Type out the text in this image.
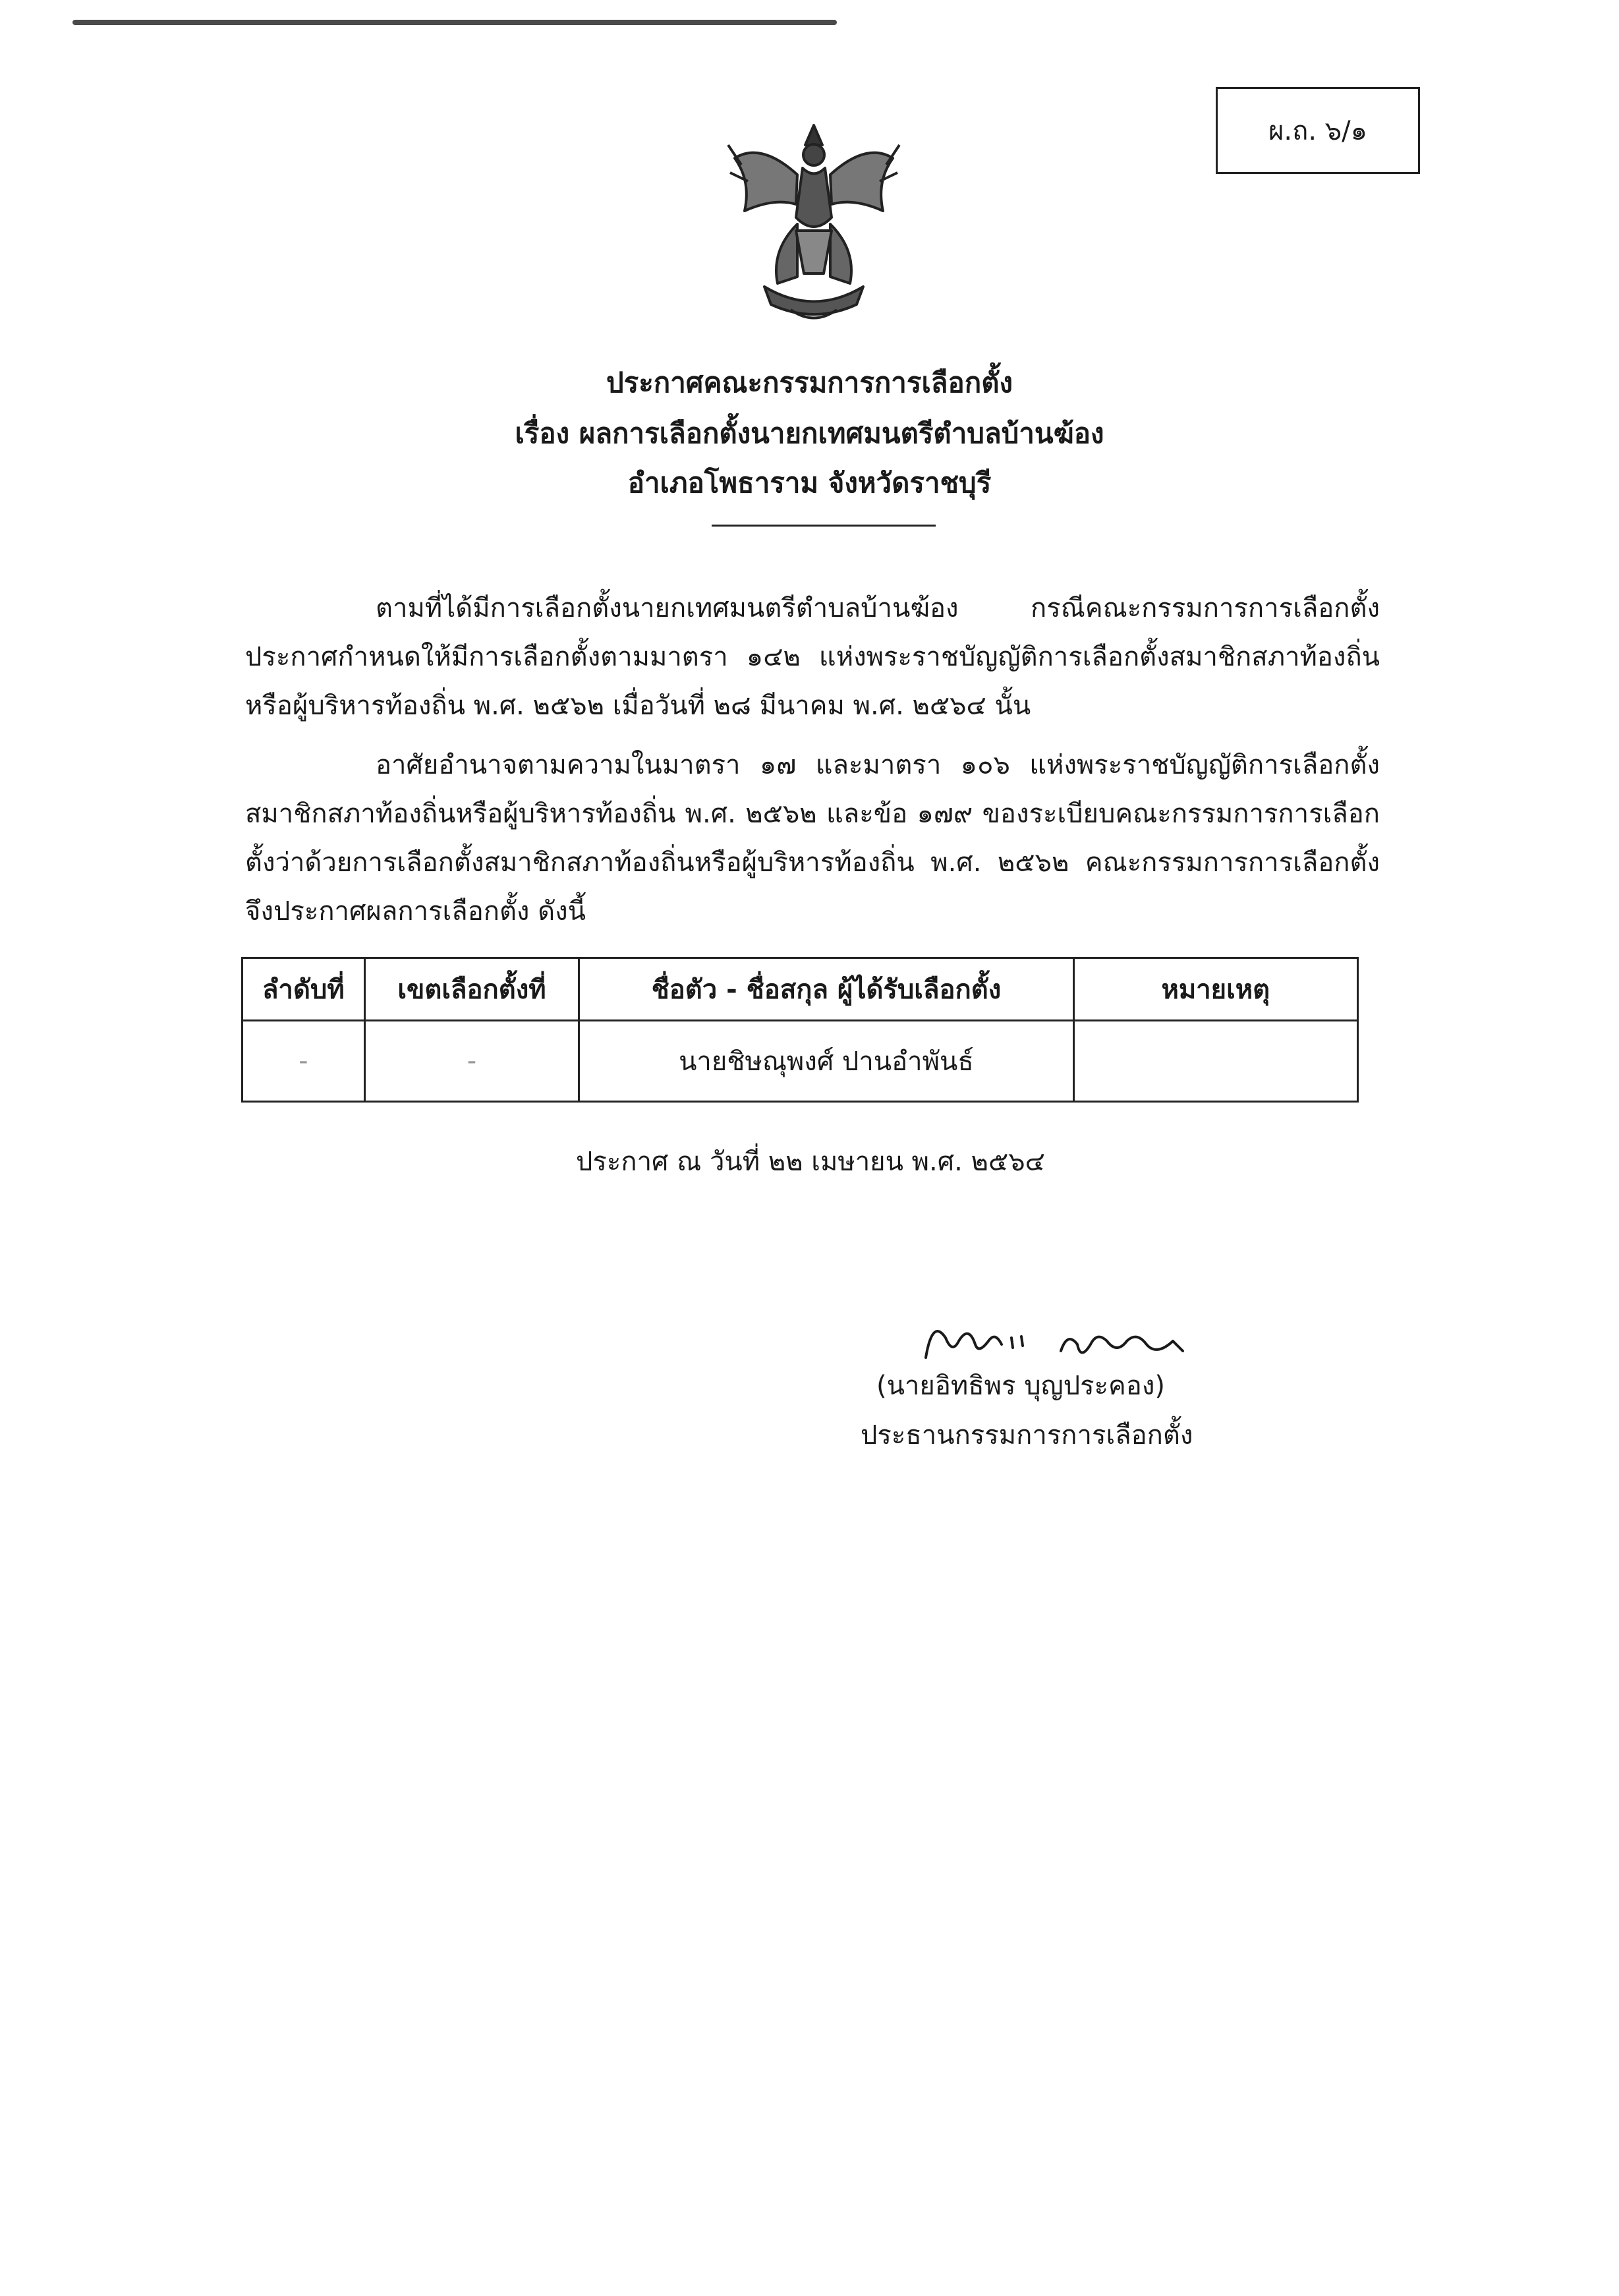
ผ.ถ. ๖/๑
ประกาศคณะกรรมการการเลือกตั้ง
เรื่อง ผลการเลือกตั้งนายกเทศมนตรีตำบลบ้านฆ้อง
อำเภอโพธาราม จังหวัดราชบุรี
ตามที่ได้มีการเลือกตั้งนายกเทศมนตรีตำบลบ้านฆ้อง กรณีคณะกรรมการการเลือกตั้งประกาศกำหนดให้มีการเลือกตั้งตามมาตรา ๑๔๒ แห่งพระราชบัญญัติการเลือกตั้งสมาชิกสภาท้องถิ่นหรือผู้บริหารท้องถิ่น พ.ศ. ๒๕๖๒ เมื่อวันที่ ๒๘ มีนาคม พ.ศ. ๒๕๖๔ นั้น
อาศัยอำนาจตามความในมาตรา ๑๗ และมาตรา ๑๐๖ แห่งพระราชบัญญัติการเลือกตั้งสมาชิกสภาท้องถิ่นหรือผู้บริหารท้องถิ่น พ.ศ. ๒๕๖๒ และข้อ ๑๗๙ ของระเบียบคณะกรรมการการเลือกตั้งว่าด้วยการเลือกตั้งสมาชิกสภาท้องถิ่นหรือผู้บริหารท้องถิ่น พ.ศ. ๒๕๖๒ คณะกรรมการการเลือกตั้งจึงประกาศผลการเลือกตั้ง ดังนี้
ลำดับที่	เขตเลือกตั้งที่	ชื่อตัว - ชื่อสกุล ผู้ได้รับเลือกตั้ง	หมายเหตุ
-	-	นายชิษณุพงศ์ ปานอำพันธ์	
ประกาศ ณ วันที่ ๒๒ เมษายน พ.ศ. ๒๕๖๔
(นายอิทธิพร บุญประคอง)
ประธานกรรมการการเลือกตั้ง
